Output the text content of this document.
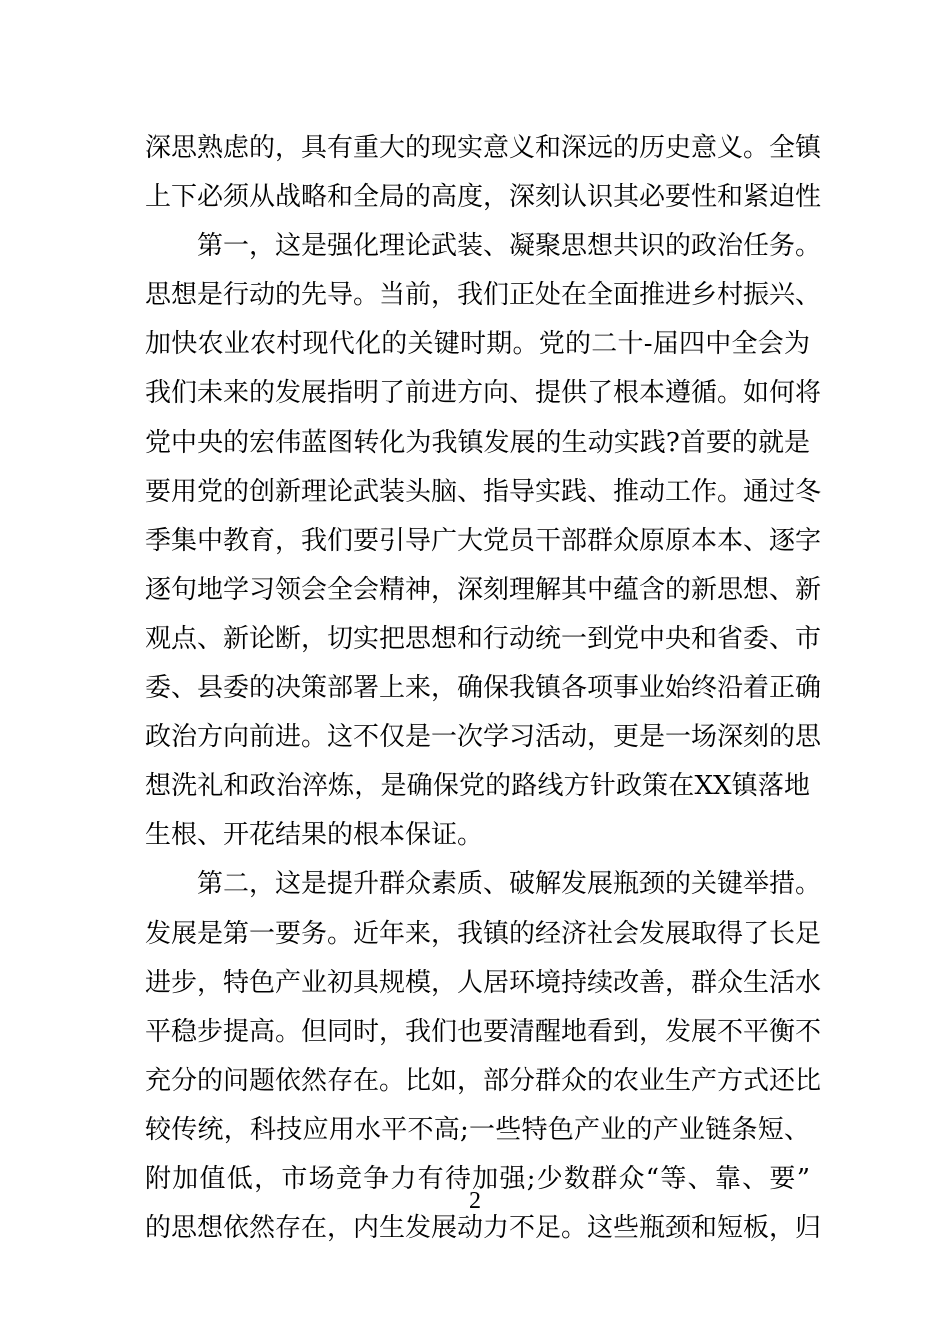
深思熟虑的，具有重大的现实意义和深远的历史意义。全镇
上下必须从战略和全局的高度，深刻认识其必要性和紧迫性
第一，这是强化理论武装、凝聚思想共识的政治任务。
思想是行动的先导。当前，我们正处在全面推进乡村振兴、
加快农业农村现代化的关键时期。党的二十-届四中全会为
我们未来的发展指明了前进方向、提供了根本遵循。如何将
党中央的宏伟蓝图转化为我镇发展的生动实践?首要的就是
要用党的创新理论武装头脑、指导实践、推动工作。通过冬
季集中教育，我们要引导广大党员干部群众原原本本、逐字
逐句地学习领会全会精神，深刻理解其中蕴含的新思想、新
观点、新论断，切实把思想和行动统一到党中央和省委、市
委、县委的决策部署上来，确保我镇各项事业始终沿着正确
政治方向前进。这不仅是一次学习活动，更是一场深刻的思
想洗礼和政治淬炼，是确保党的路线方针政策在XX镇落地
生根、开花结果的根本保证。
第二，这是提升群众素质、破解发展瓶颈的关键举措。
发展是第一要务。近年来，我镇的经济社会发展取得了长足
进步，特色产业初具规模，人居环境持续改善，群众生活水
平稳步提高。但同时，我们也要清醒地看到，发展不平衡不
充分的问题依然存在。比如，部分群众的农业生产方式还比
较传统，科技应用水平不高;一些特色产业的产业链条短、
附加值低，市场竞争力有待加强;少数群众“等、靠、要”
的思想依然存在，内生发展动力不足。这些瓶颈和短板，归
2
